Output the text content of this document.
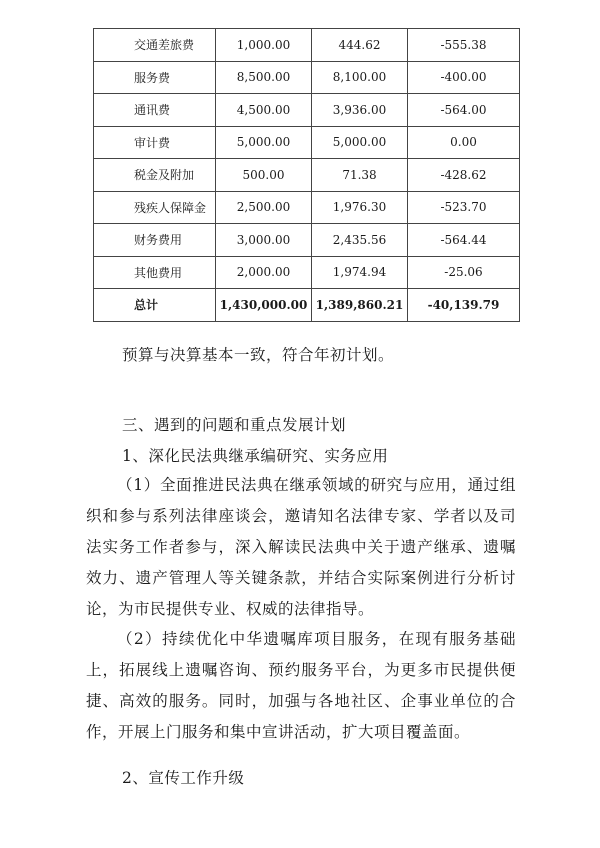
交通差旅费	1,000.00	444.62	-555.38
服务费	8,500.00	8,100.00	-400.00
通讯费	4,500.00	3,936.00	-564.00
审计费	5,000.00	5,000.00	0.00
税金及附加	500.00	71.38	-428.62
残疾人保障金	2,500.00	1,976.30	-523.70
财务费用	3,000.00	2,435.56	-564.44
其他费用	2,000.00	1,974.94	-25.06
总计	1,430,000.00	1,389,860.21	-40,139.79
预算与决算基本一致，符合年初计划。
三、遇到的问题和重点发展计划
1、深化民法典继承编研究、实务应用

（1）全面推进民法典在继承领域的研究与应用，通过组织和参与系列法律座谈会，邀请知名法律专家、学者以及司法实务工作者参与，深入解读民法典中关于遗产继承、遗嘱效力、遗产管理人等关键条款，并结合实际案例进行分析讨论，为市民提供专业、权威的法律指导。

（2）持续优化中华遗嘱库项目服务，在现有服务基础上，拓展线上遗嘱咨询、预约服务平台，为更多市民提供便捷、高效的服务。同时，加强与各地社区、企事业单位的合作，开展上门服务和集中宣讲活动，扩大项目覆盖面。

2、宣传工作升级
